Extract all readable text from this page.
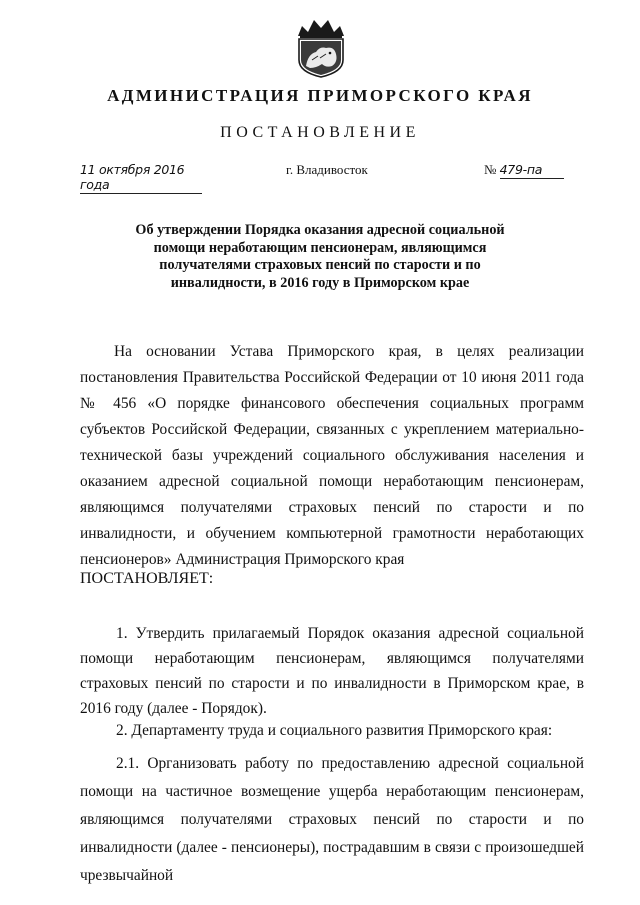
АДМИНИСТРАЦИЯ ПРИМОРСКОГО КРАЯ
ПОСТАНОВЛЕНИЕ
11 октября 2016 года
г. Владивосток	№ 479-па
Об утверждении Порядка оказания адресной социальной
помощи неработающим пенсионерам, являющимся
получателями страховых пенсий по старости и по
инвалидности, в 2016 году в Приморском крае
На основании Устава Приморского края, в целях реализации постановления Правительства Российской Федерации от 10 июня 2011 года № 456 «О порядке финансового обеспечения социальных программ субъектов Российской Федерации, связанных с укреплением материально-технической базы учреждений социального обслуживания населения и оказанием адресной социальной помощи неработающим пенсионерам, являющимся получателями страховых пенсий по старости и по инвалидности, и обучением компьютерной грамотности неработающих пенсионеров» Администрация Приморского края
ПОСТАНОВЛЯЕТ:
1. Утвердить прилагаемый Порядок оказания адресной социальной помощи неработающим пенсионерам, являющимся получателями страховых пенсий по старости и по инвалидности в Приморском крае, в 2016 году (далее - Порядок).
2. Департаменту труда и социального развития Приморского края:
2.1. Организовать работу по предоставлению адресной социальной помощи на частичное возмещение ущерба неработающим пенсионерам, являющимся получателями страховых пенсий по старости и по инвалидности (далее - пенсионеры), пострадавшим в связи с произошедшей чрезвычайной
